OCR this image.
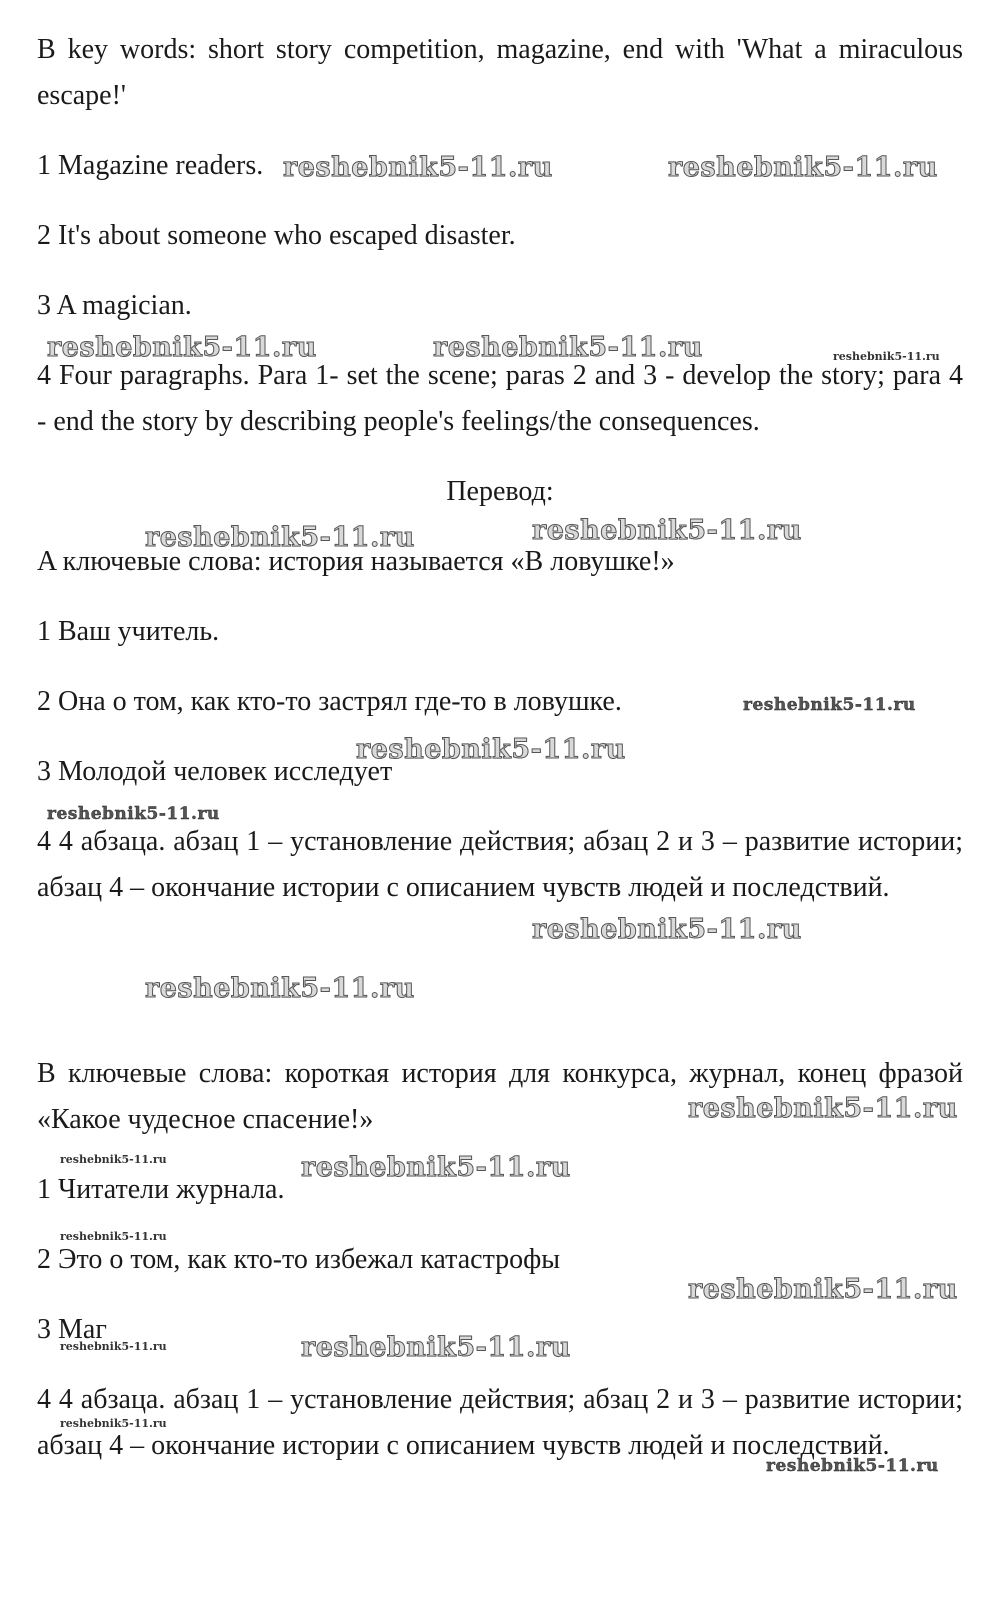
B key words: short story competition, magazine, end with 'What a miraculous escape!'

1 Magazine readers.

2 It's about someone who escaped disaster.

3 A magician.

4 Four paragraphs. Para 1- set the scene; paras 2 and 3 - develop the story; para 4 - end the story by describing people's feelings/the consequences.

Перевод:

A ключевые слова: история называется «В ловушке!»

1 Ваш учитель.

2 Она о том, как кто-то застрял где-то в ловушке.

3 Молодой человек исследует

4 4 абзаца. абзац 1 – установление действия; абзац 2 и 3 – развитие истории; абзац 4 – окончание истории с описанием чувств людей и последствий.

B ключевые слова: короткая история для конкурса, журнал, конец фразой «Какое чудесное спасение!»

1 Читатели журнала.

2 Это о том, как кто-то избежал катастрофы

3 Маг

4 4 абзаца. абзац 1 – установление действия; абзац 2 и 3 – развитие истории; абзац 4 – окончание истории с описанием чувств людей и последствий.

reshebnik5-11.ru	reshebnik5-11.ru
reshebnik5-11.ru	reshebnik5-11.ru	reshebnik5-11.ru
reshebnik5-11.ru	reshebnik5-11.ru
reshebnik5-11.ru
reshebnik5-11.ru
reshebnik5-11.ru
reshebnik5-11.ru
reshebnik5-11.ru
reshebnik5-11.ru
reshebnik5-11.ru	reshebnik5-11.ru
reshebnik5-11.ru
reshebnik5-11.ru
reshebnik5-11.ru
reshebnik5-11.ru
reshebnik5-11.ru
reshebnik5-11.ru
